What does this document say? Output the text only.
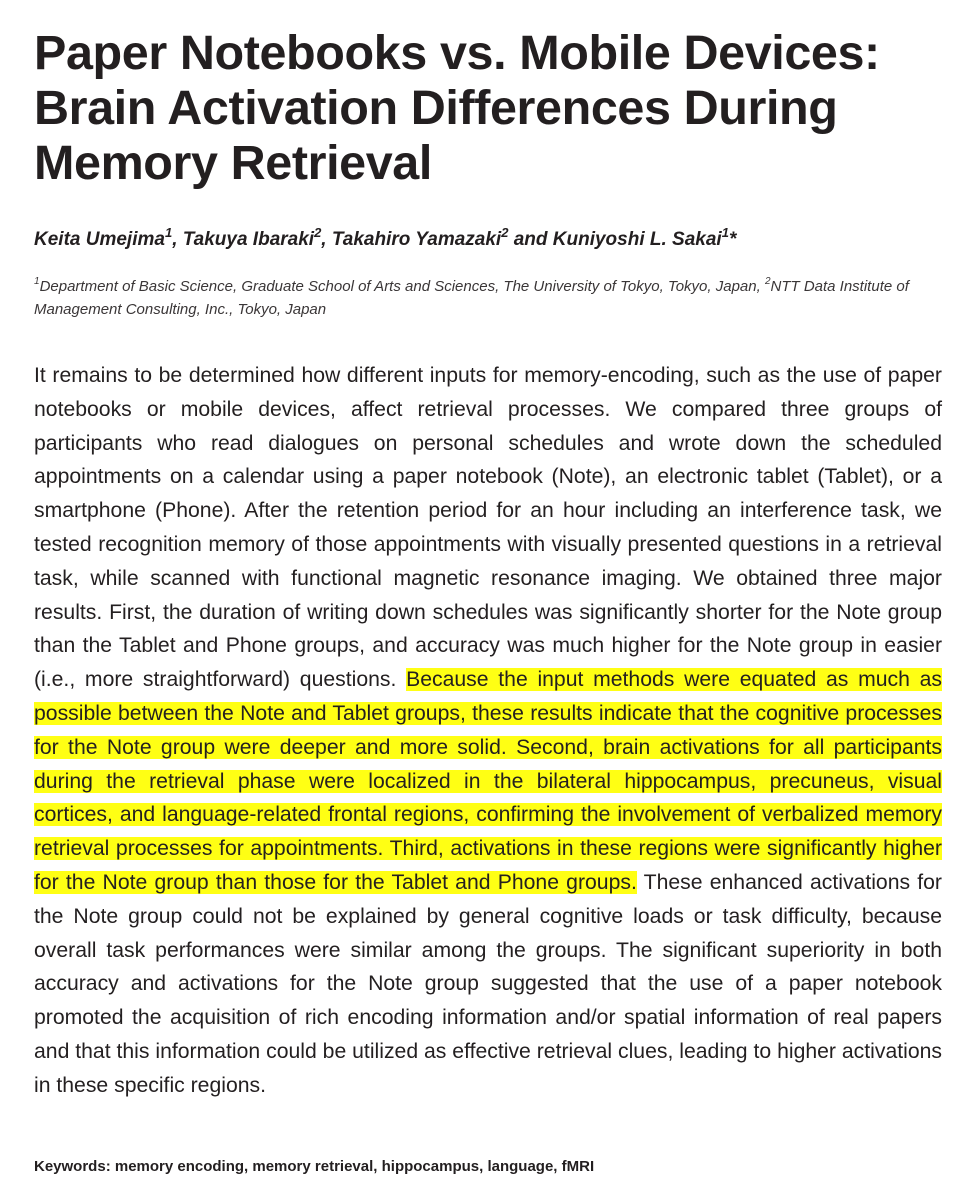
Paper Notebooks vs. Mobile Devices: Brain Activation Differences During Memory Retrieval

Keita Umejima$^1$, Takuya Ibaraki$^2$, Takahiro Yamazaki$^2$ and Kuniyoshi L. Sakai$^1$*

$^1$Department of Basic Science, Graduate School of Arts and Sciences, The University of Tokyo, Tokyo, Japan, $^2$NTT Data Institute of Management Consulting, Inc., Tokyo, Japan

It remains to be determined how different inputs for memory-encoding, such as the use of paper notebooks or mobile devices, affect retrieval processes. We compared three groups of participants who read dialogues on personal schedules and wrote down the scheduled appointments on a calendar using a paper notebook (Note), an electronic tablet (Tablet), or a smartphone (Phone). After the retention period for an hour including an interference task, we tested recognition memory of those appointments with visually presented questions in a retrieval task, while scanned with functional magnetic resonance imaging. We obtained three major results. First, the duration of writing down schedules was significantly shorter for the Note group than the Tablet and Phone groups, and accuracy was much higher for the Note group in easier (i.e., more straightforward) questions. Because the input methods were equated as much as possible between the Note and Tablet groups, these results indicate that the cognitive processes for the Note group were deeper and more solid. Second, brain activations for all participants during the retrieval phase were localized in the bilateral hippocampus, precuneus, visual cortices, and language-related frontal regions, confirming the involvement of verbalized memory retrieval processes for appointments. Third, activations in these regions were significantly higher for the Note group than those for the Tablet and Phone groups. These enhanced activations for the Note group could not be explained by general cognitive loads or task difficulty, because overall task performances were similar among the groups. The significant superiority in both accuracy and activations for the Note group suggested that the use of a paper notebook promoted the acquisition of rich encoding information and/or spatial information of real papers and that this information could be utilized as effective retrieval clues, leading to higher activations in these specific regions.

Keywords: memory encoding, memory retrieval, hippocampus, language, fMRI
